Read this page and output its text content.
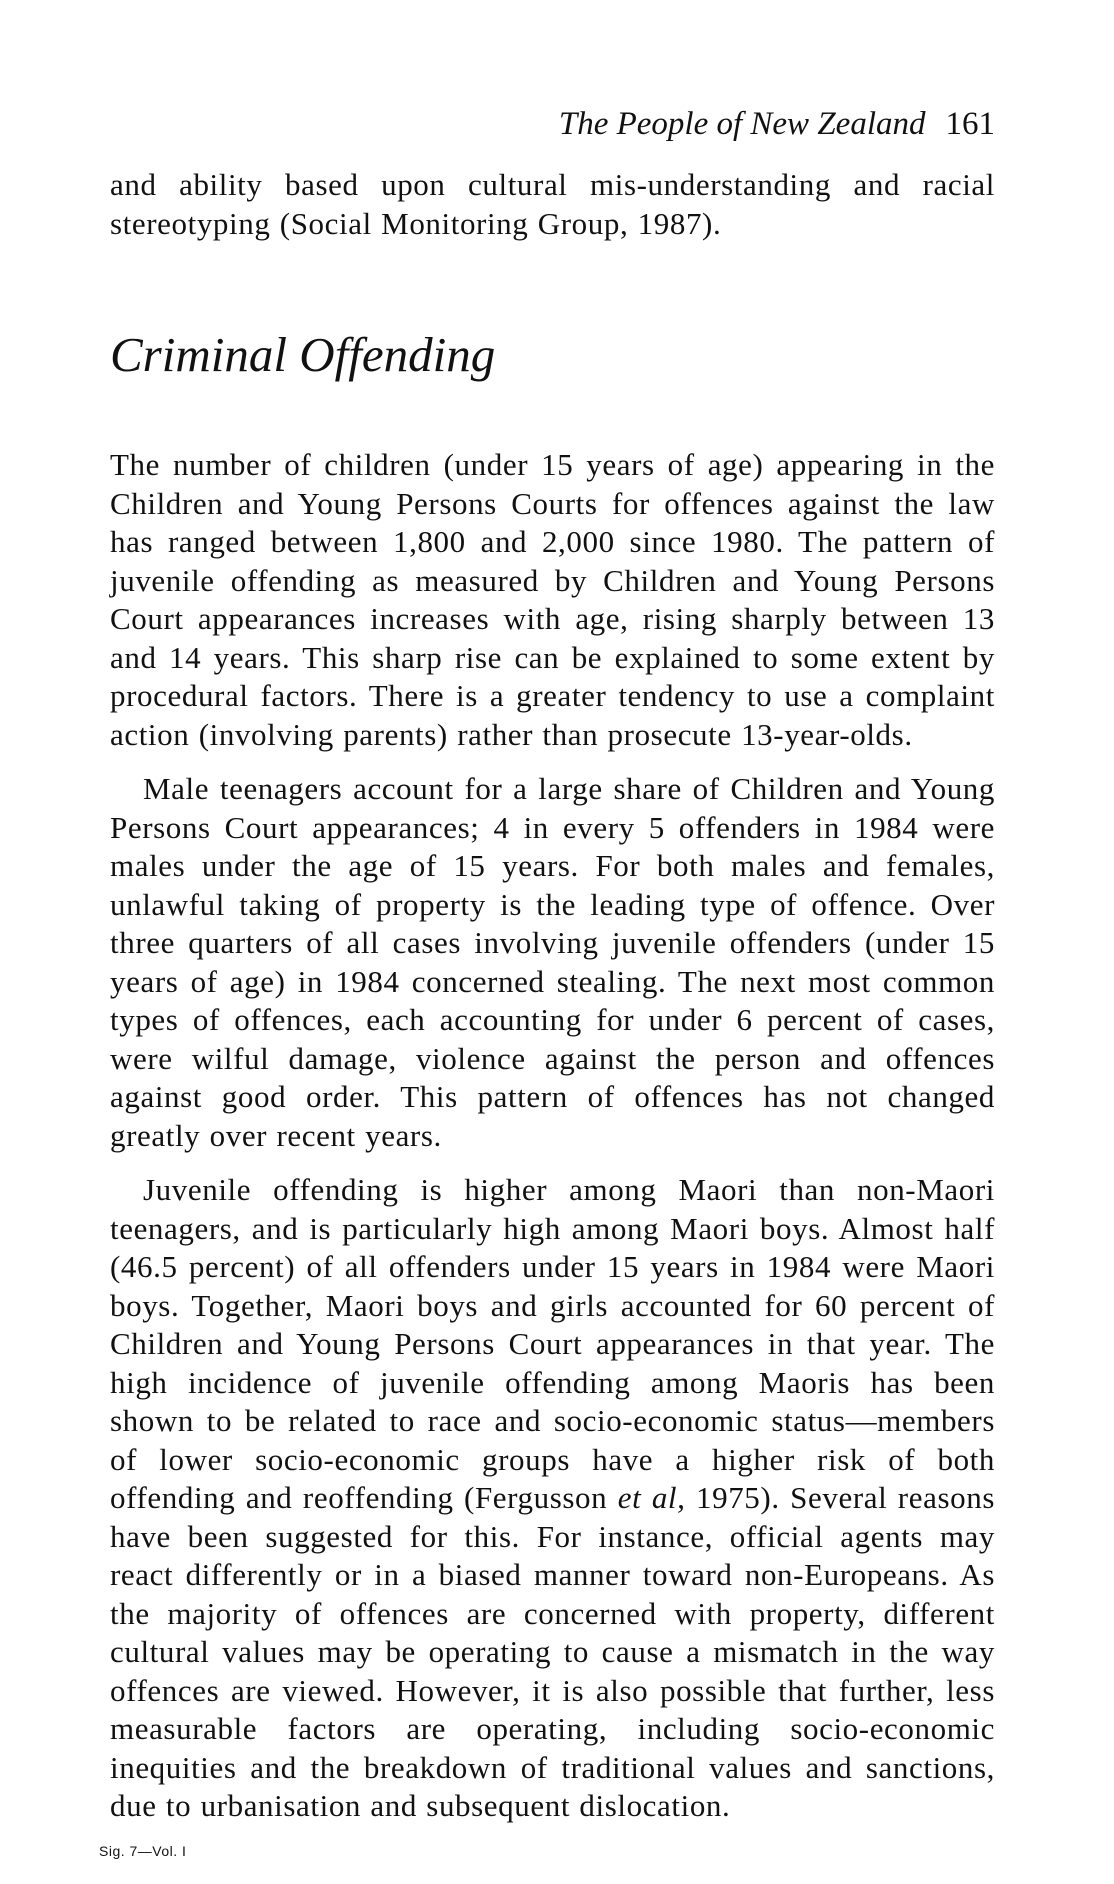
The People of New Zealand 161

and ability based upon cultural mis-understanding and racial stereotyping (Social Monitoring Group, 1987).

Criminal Offending

The number of children (under 15 years of age) appearing in the Children and Young Persons Courts for offences against the law has ranged between 1,800 and 2,000 since 1980. The pattern of juvenile offending as measured by Children and Young Persons Court appearances increases with age, rising sharply between 13 and 14 years. This sharp rise can be explained to some extent by procedural factors. There is a greater tendency to use a complaint action (involving parents) rather than prosecute 13-year-olds.

Male teenagers account for a large share of Children and Young Persons Court appearances; 4 in every 5 offenders in 1984 were males under the age of 15 years. For both males and females, unlawful taking of property is the leading type of offence. Over three quarters of all cases involving juvenile offenders (under 15 years of age) in 1984 concerned stealing. The next most common types of offences, each accounting for under 6 percent of cases, were wilful damage, violence against the person and offences against good order. This pattern of offences has not changed greatly over recent years.

Juvenile offending is higher among Maori than non-Maori teenagers, and is particularly high among Maori boys. Almost half (46.5 percent) of all offenders under 15 years in 1984 were Maori boys. Together, Maori boys and girls accounted for 60 percent of Children and Young Persons Court appearances in that year. The high incidence of juvenile offending among Maoris has been shown to be related to race and socio-economic status—members of lower socio-economic groups have a higher risk of both offending and reoffending (Fergusson et al, 1975). Several reasons have been suggested for this. For instance, official agents may react differently or in a biased manner toward non-Europeans. As the majority of offences are concerned with property, different cultural values may be operating to cause a mismatch in the way offences are viewed. However, it is also possible that further, less measurable factors are operating, including socio-economic inequities and the breakdown of traditional values and sanctions, due to urbanisation and subsequent dislocation.

Sig. 7—Vol. I
